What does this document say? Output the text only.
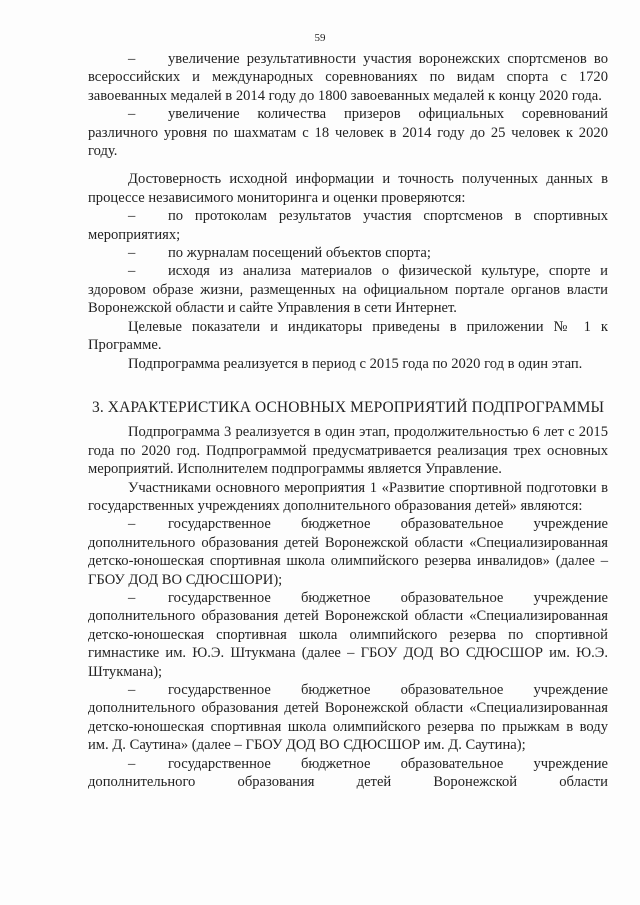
59

– увеличение результативности участия воронежских спортсменов во всероссийских и международных соревнованиях по видам спорта с 1720 завоеванных медалей в 2014 году до 1800 завоеванных медалей к концу 2020 года.

– увеличение количества призеров официальных соревнований различного уровня по шахматам с 18 человек в 2014 году до 25 человек к 2020 году.

Достоверность исходной информации и точность полученных данных в процессе независимого мониторинга и оценки проверяются:

– по протоколам результатов участия спортсменов в спортивных мероприятиях;

– по журналам посещений объектов спорта;

– исходя из анализа материалов о физической культуре, спорте и здоровом образе жизни, размещенных на официальном портале органов власти Воронежской области и сайте Управления в сети Интернет.

Целевые показатели и индикаторы приведены в приложении № 1 к Программе.

Подпрограмма реализуется в период с 2015 года по 2020 год в один этап.

3. ХАРАКТЕРИСТИКА ОСНОВНЫХ МЕРОПРИЯТИЙ ПОДПРОГРАММЫ

Подпрограмма 3 реализуется в один этап, продолжительностью 6 лет с 2015 года по 2020 год. Подпрограммой предусматривается реализация трех основных мероприятий. Исполнителем подпрограммы является Управление.

Участниками основного мероприятия 1 «Развитие спортивной подготовки в государственных учреждениях дополнительного образования детей» являются:

– государственное бюджетное образовательное учреждение дополнительного образования детей Воронежской области «Специализированная детско-юношеская спортивная школа олимпийского резерва инвалидов» (далее – ГБОУ ДОД ВО СДЮСШОРИ);

– государственное бюджетное образовательное учреждение дополнительного образования детей Воронежской области «Специализированная детско-юношеская спортивная школа олимпийского резерва по спортивной гимнастике им. Ю.Э. Штукмана (далее – ГБОУ ДОД ВО СДЮСШОР им. Ю.Э. Штукмана);

– государственное бюджетное образовательное учреждение дополнительного образования детей Воронежской области «Специализированная детско-юношеская спортивная школа олимпийского резерва по прыжкам в воду им. Д. Саутина» (далее – ГБОУ ДОД ВО СДЮСШОР им. Д. Саутина);

– государственное бюджетное образовательное учреждение дополнительного образования детей Воронежской области
